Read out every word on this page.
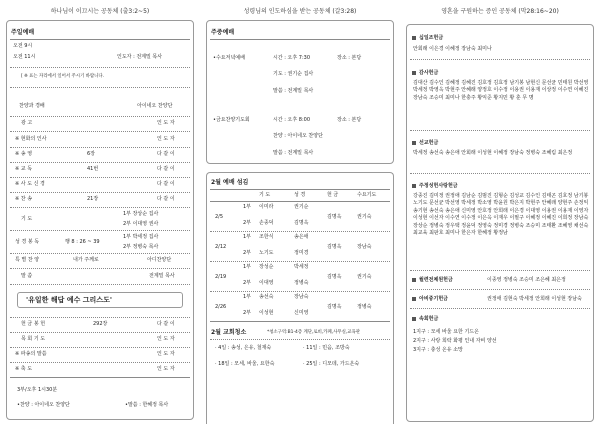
하나님이 이끄시는 공동체 (출3:2~5)
주일예배
오전 9시
오전 11시	인도자 : 전계밀 목사
[ ※ 표는 자리에서 일어서 주시기 바랍니다.
찬양과 경배	아이네오 찬양단
광 고	인 도 자
※ 현화의 인사	인 도 자
※ 송 영	6장	다 같 이
※ 교 독	41번	다 같 이
※ 사 도 신 경	다 같 이
※ 찬 송	21장	다 같 이
기 도
1부 장상순 집사
2부 이대영 권사
성 경 봉 독	행 8 : 26 ~ 39
1부 박세정 집사
2부 정병숙 목사
특 별 찬 양	내가 주께로	아디찬양단
말 씀	전계밀 목사
'유일한 해답 예수 그리스도'
헌 금 봉 헌	292장	다 같 이
목 회 기 도	인 도 자
※ 파송의 말씀	인 도 자
※ 축 도	인 도 자
3부/오후 1시30분
•찬양 : 아이네오 찬양단	•말씀 : 한혜정 목사
성령님의 인도하심을 받는 공동체 (갈3:28)
주중예배
•수요저녁예배	시간 : 오후 7:30	장소 : 본당
기도 : 권기순 집사
말씀 : 전계밀 목사
•금요찬양기도회	시간 : 오후 8:00	장소 : 본당
찬양 : 아이네오 찬양단
말씀 : 전계밀 목사
2월 예배 섬김
기 도	성 경	헌 금	수요기도
2/5
1부 이미라	권기순
2부 손종덕	김명옥
김명옥	권기숙
2/12
1부 조한식	송은애
2부 노기도	정미경
김명옥	장남숙
2/19
1부 장성순	박세정
2부 이대영	정병숙
김명옥	권기숙
2/26
1부 송선숙	장남숙
2부 이성현	신미영
김명옥	정병숙
2월 교회청소	*청소구역:B1-4층 계단,로비,카페,사무실,교육관
· 4일 : 송성, 은유, 철재숙	· 11일 : 민음, 조방숙
· 18일 : 모세, 바울, 요한숙	· 25일 : 디모데, 가드온숙
영혼을 구원하는 증인 공동체 (막28:16~20)
십일조헌금
안회래 이은경 이혜정 장남숙 최미나
감사헌금
김대산 김수인 김혜정 김혜진 김호정 김효정 남기봉 남현신 문선균 민태원 박선영 박세정 박영옥 박현주 안혜래 양정호 이수정 이용권 이용재 이상정 이수연 이혜진 장남숙 조승미 최미나 한충주 황익준 황지민 황 훈 무 명
선교헌금
박세정 송선숙 송은애 안회래 이성현 이혜정 장남숙 정병숙 조혜림 최은정
주정성헌사랑헌금
강종진 김미정 권정애 김남순 김범진 김형순 김성교 김수인 김태곤 김호정 남기봉 노기도 문선균 박선영 박세정 박소영 박윤원 박은지 박현주 안혜래 양현주 손정익 송기현 송선숙 송은애 신미영 안호정 안희래 이은경 이대영 이용권 이용재 이영자 이성현 이선자 이수연 이수정 이은옥 이재우 이필구 이혜정 이혜진 이희정 장남숙 장상순 정병숙 정우택 정윤덕 정영숙 정미경 정병숙 조승미 조태환 조혜영 채선숙 최교육 최판호 최미나 한은자 한혜정 황정남
월련전체원헌금	이종영 정병숙 조승미 조은혜 최은정
아비중기헌금	권정애 김현숙 박세정 안희래 이성현 장남숙
속회헌금
1지구 : 모세 바울 요한 기드온
2지구 : 사랑 희락 화평 인내 자비 양선
3지구 : 충성 온유 소망
